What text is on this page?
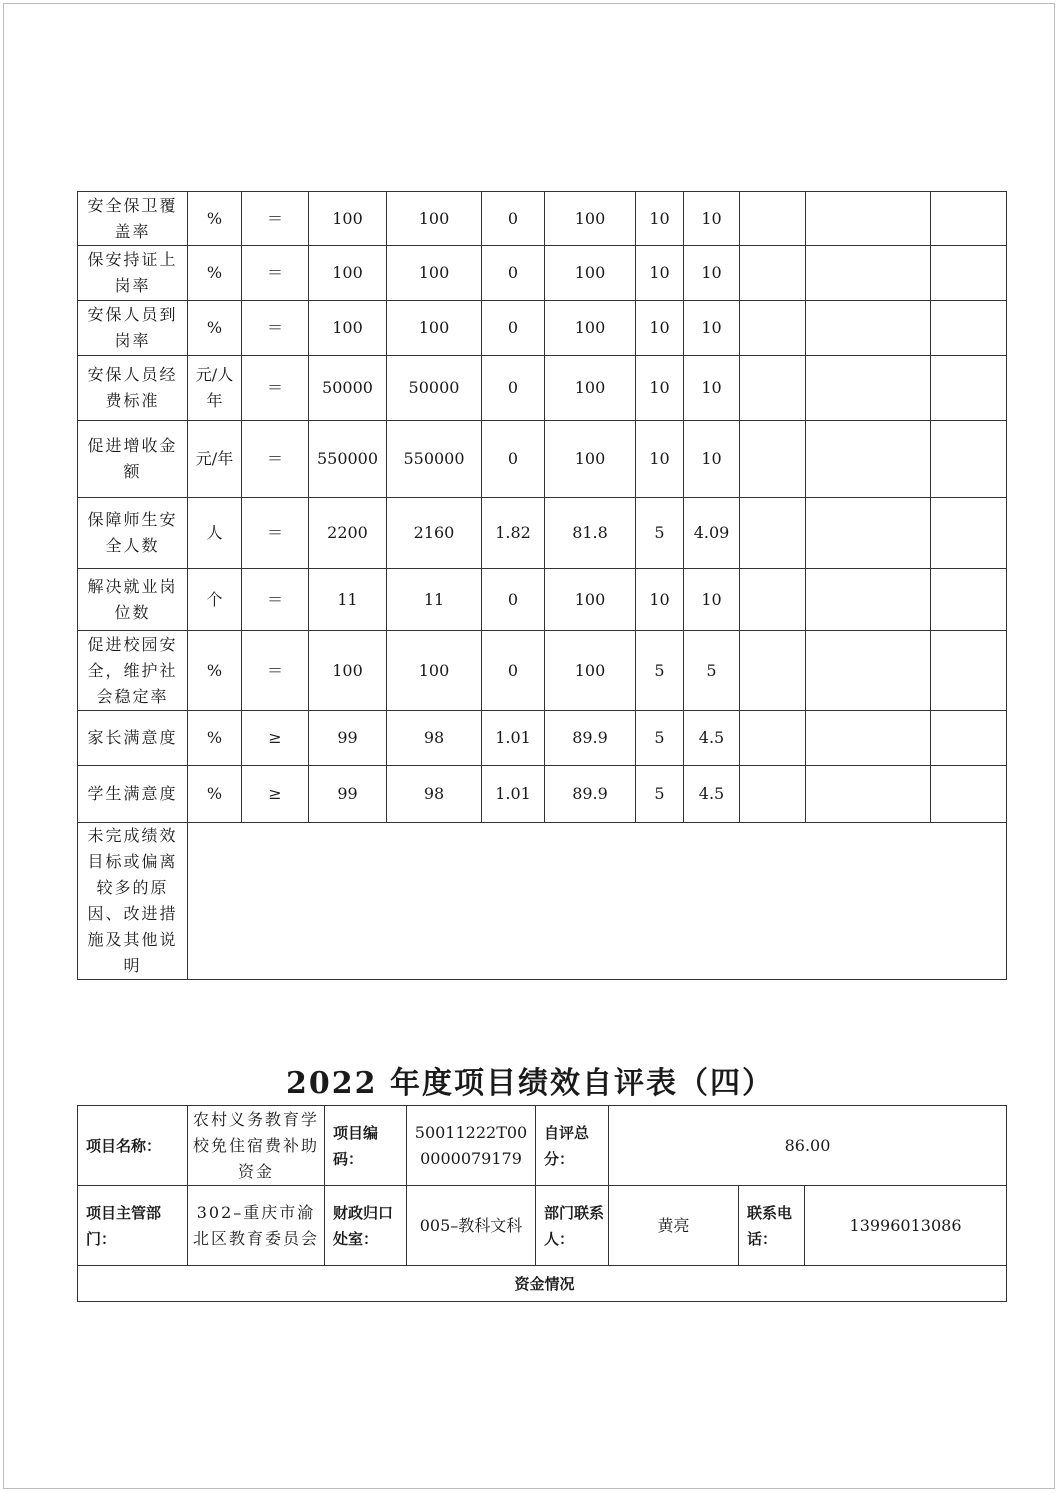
安全保卫覆盖率	%	＝	100	100	0	100	10	10			
保安持证上岗率	%	＝	100	100	0	100	10	10			
安保人员到岗率	%	＝	100	100	0	100	10	10			
安保人员经费标准	元/人年	＝	50000	50000	0	100	10	10			
促进增收金额	元/年	＝	550000	550000	0	100	10	10			
保障师生安全人数	人	＝	2200	2160	1.82	81.8	5	4.09			
解决就业岗位数	个	＝	11	11	0	100	10	10			
促进校园安全，维护社会稳定率	%	＝	100	100	0	100	5	5			
家长满意度	%	≥	99	98	1.01	89.9	5	4.5			
学生满意度	%	≥	99	98	1.01	89.9	5	4.5			
未完成绩效目标或偏离较多的原因、改进措施及其他说明											
2022 年度项目绩效自评表（四）
项目名称：	农村义务教育学校免住宿费补助资金	项目编码：	50011222T000000079179	自评总分：	86.00		
项目主管部门：	302–重庆市渝北区教育委员会	财政归口处室：	005–教科文科	部门联系人：	黄亮	联系电话：	13996013086
资金情况							
